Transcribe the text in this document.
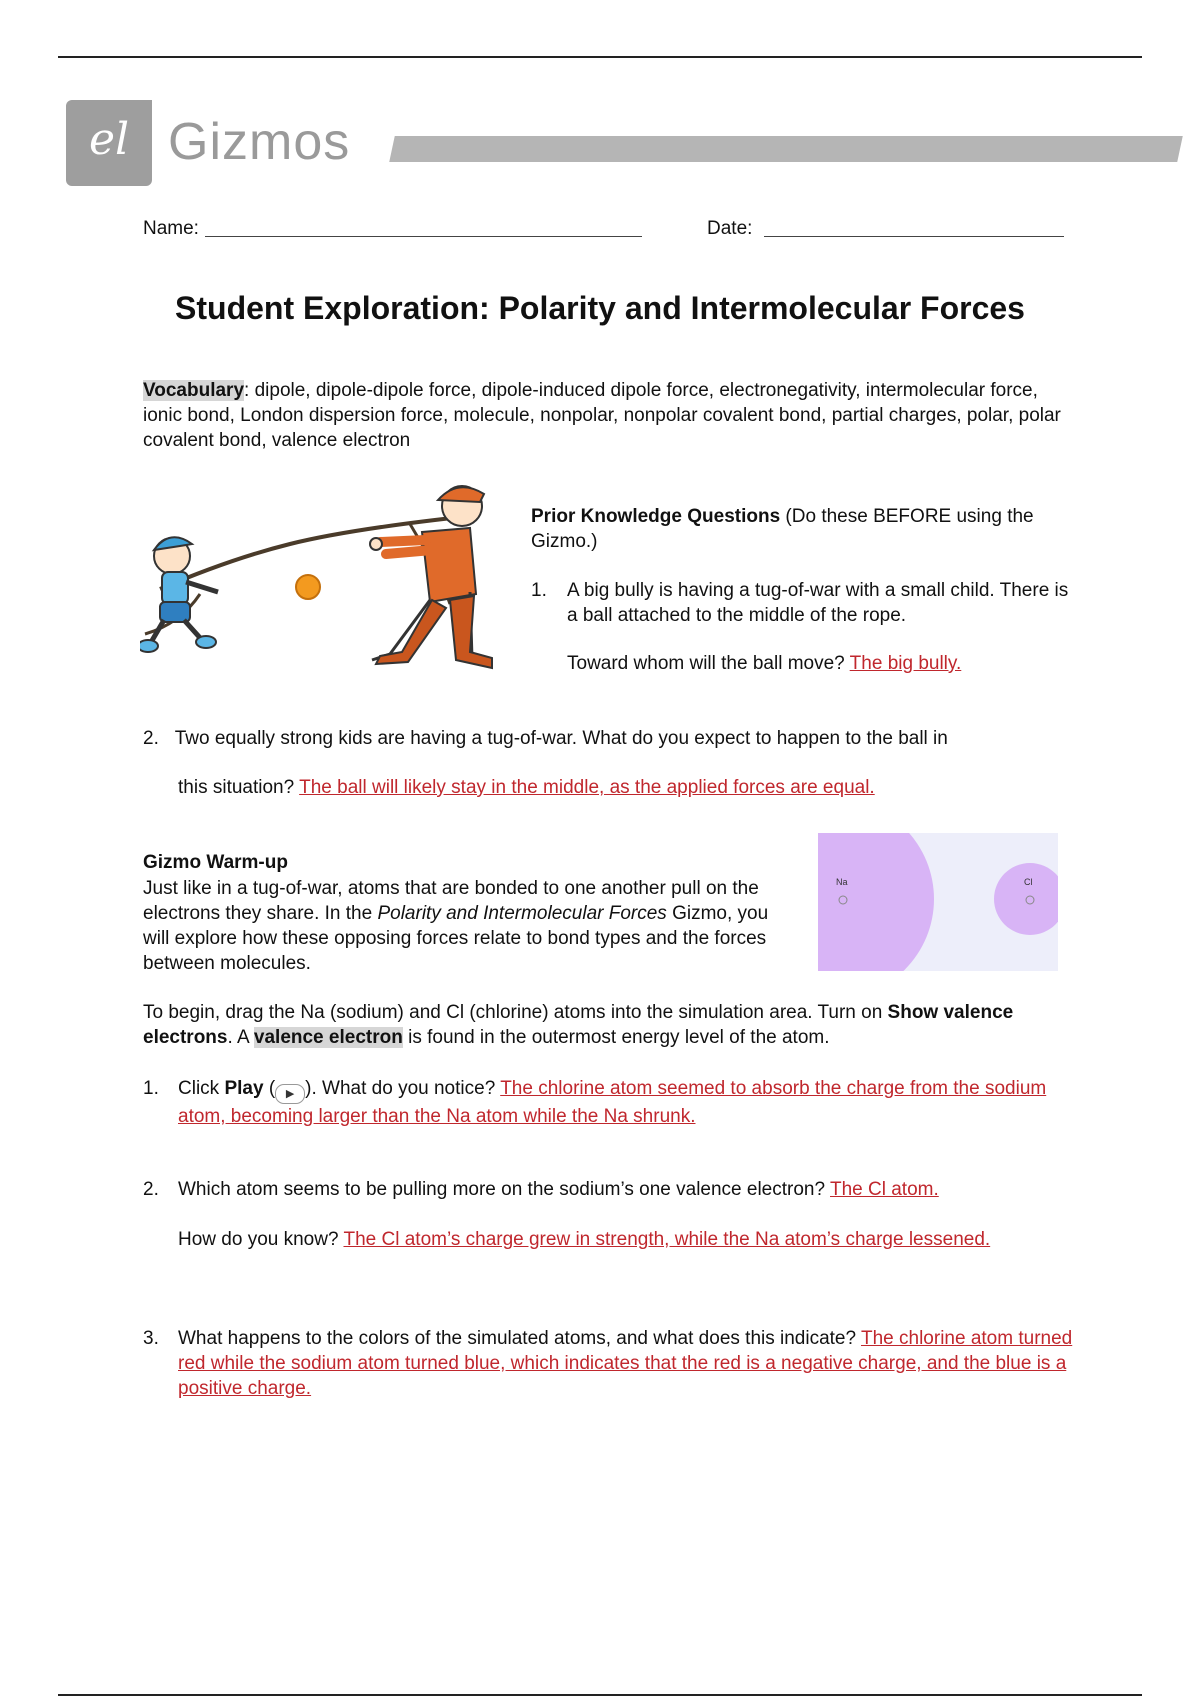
el Gizmos
Name:	Date:
Student Exploration: Polarity and Intermolecular Forces
Vocabulary: dipole, dipole-dipole force, dipole-induced dipole force, electronegativity, intermolecular force, ionic bond, London dispersion force, molecule, nonpolar, nonpolar covalent bond, partial charges, polar, polar covalent bond, valence electron
Prior Knowledge Questions (Do these BEFORE using the Gizmo.)
1. A big bully is having a tug-of-war with a small child. There is a ball attached to the middle of the rope.
Toward whom will the ball move? The big bully.
2. Two equally strong kids are having a tug-of-war. What do you expect to happen to the ball in
this situation? The ball will likely stay in the middle, as the applied forces are equal.
Gizmo Warm-up
Just like in a tug-of-war, atoms that are bonded to one another pull on the electrons they share. In the Polarity and Intermolecular Forces Gizmo, you will explore how these opposing forces relate to bond types and the forces between molecules.
Na	Cl
To begin, drag the Na (sodium) and Cl (chlorine) atoms into the simulation area. Turn on Show valence electrons. A valence electron is found in the outermost energy level of the atom.
1. Click Play ( ▶ ). What do you notice? The chlorine atom seemed to absorb the charge from the sodium atom, becoming larger than the Na atom while the Na shrunk.
2. Which atom seems to be pulling more on the sodium’s one valence electron? The Cl atom.
How do you know? The Cl atom’s charge grew in strength, while the Na atom’s charge lessened.
3. What happens to the colors of the simulated atoms, and what does this indicate? The chlorine atom turned red while the sodium atom turned blue, which indicates that the red is a negative charge, and the blue is a positive charge.
